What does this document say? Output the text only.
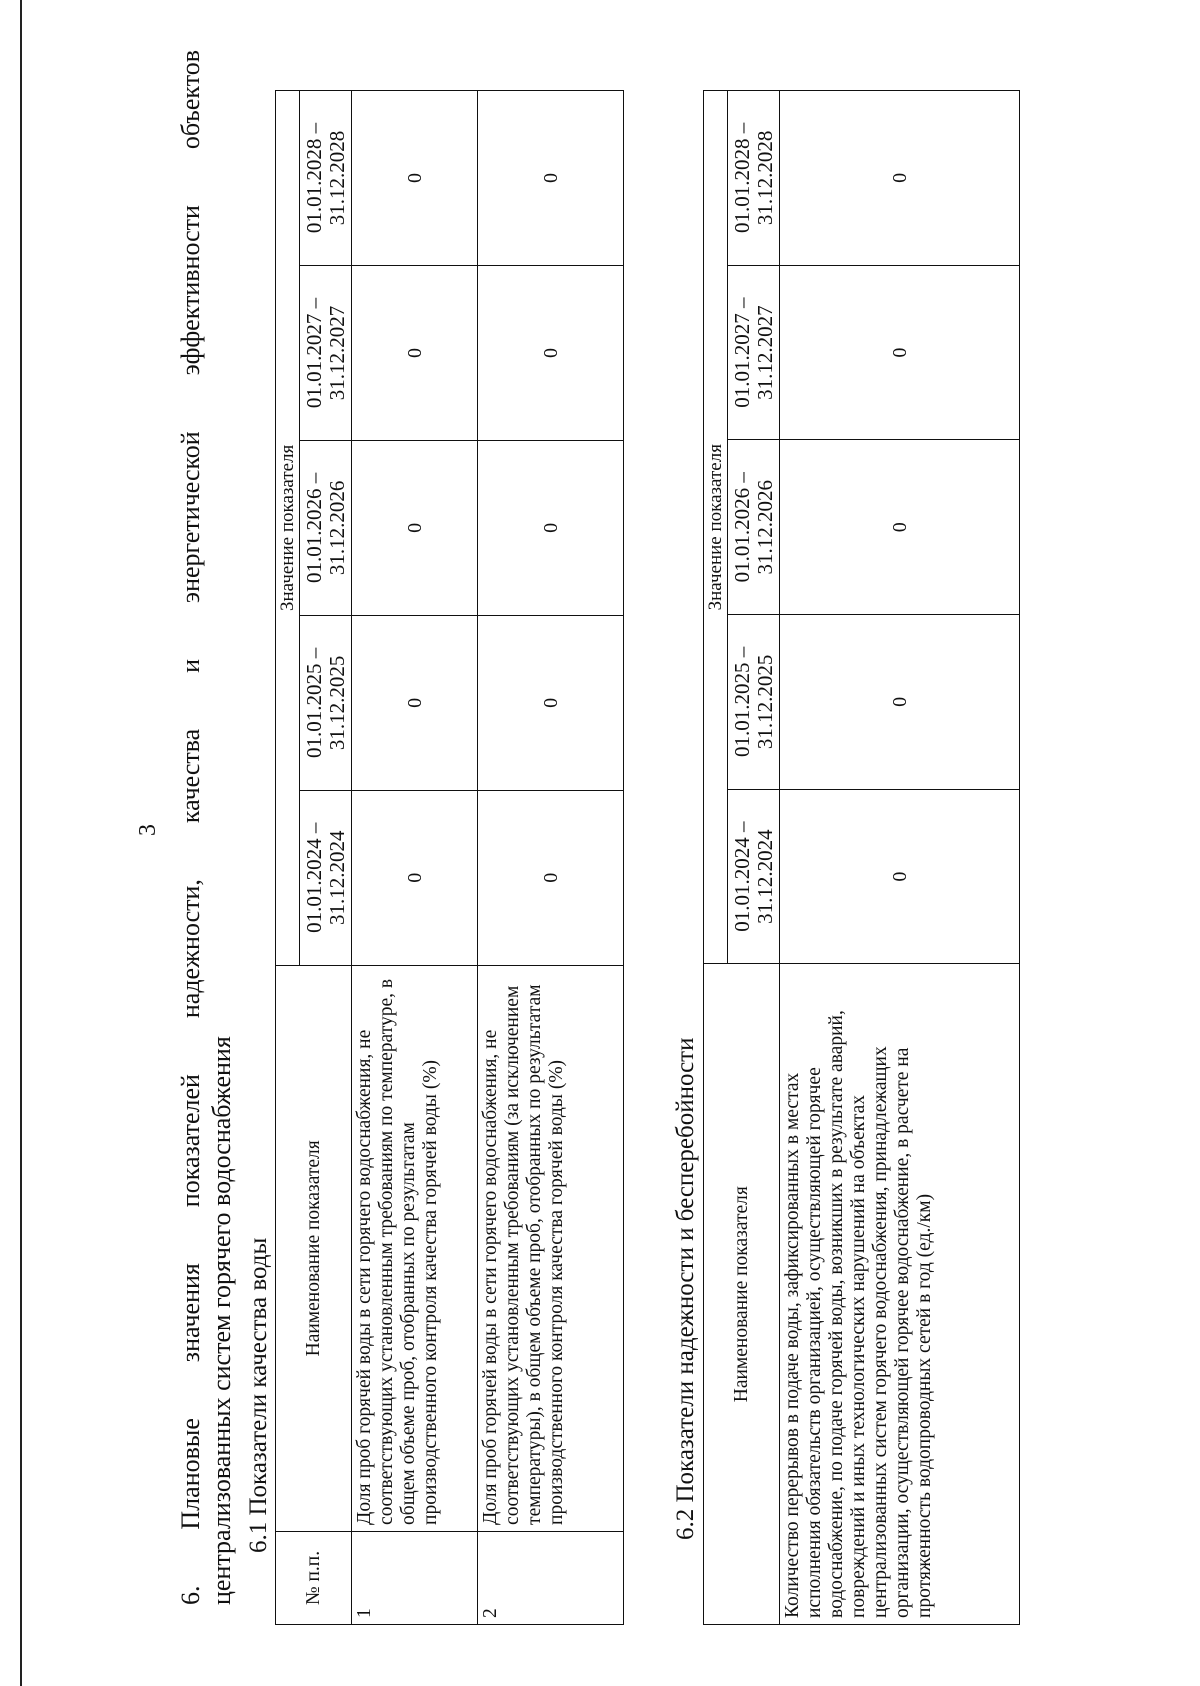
3 6. Плановые значения показателей надежности, качества и энергетической эффективности объектов централизованных систем горячего водоснабжения 6.1 Показатели качества воды
№ п.п.	Наименование показателя	Значение показателя				
		01.01.2024 – 31.12.2024	01.01.2025 – 31.12.2025	01.01.2026 – 31.12.2026	01.01.2027 – 31.12.2027	01.01.2028 – 31.12.2028
1	Доля проб горячей воды в сети горячего водоснабжения, не соответствующих установленным требованиям по температуре, в общем объеме проб, отобранных по результатам производственного контроля качества горячей воды (%)	0	0	0	0	0
2	Доля проб горячей воды в сети горячего водоснабжения, не соответствующих установленным требованиям (за исключением температуры), в общем объеме проб, отобранных по результатам производственного контроля качества горячей воды (%)	0	0	0	0	0
6.2 Показатели надежности и бесперебойности Наименование показателя	Значение показателя				
	01.01.2024 – 31.12.2024	01.01.2025 – 31.12.2025	01.01.2026 – 31.12.2026	01.01.2027 – 31.12.2027	01.01.2028 – 31.12.2028
Количество перерывов в подаче воды, зафиксированных в местах исполнения обязательств организацией, осуществляющей горячее водоснабжение, по подаче горячей воды, возникших в результате аварий, повреждений и иных технологических нарушений на объектах централизованных систем горячего водоснабжения, принадлежащих организации, осуществляющей горячее водоснабжение, в расчете на протяженность водопроводных сетей в год (ед./км)	0	0	0	0	0
